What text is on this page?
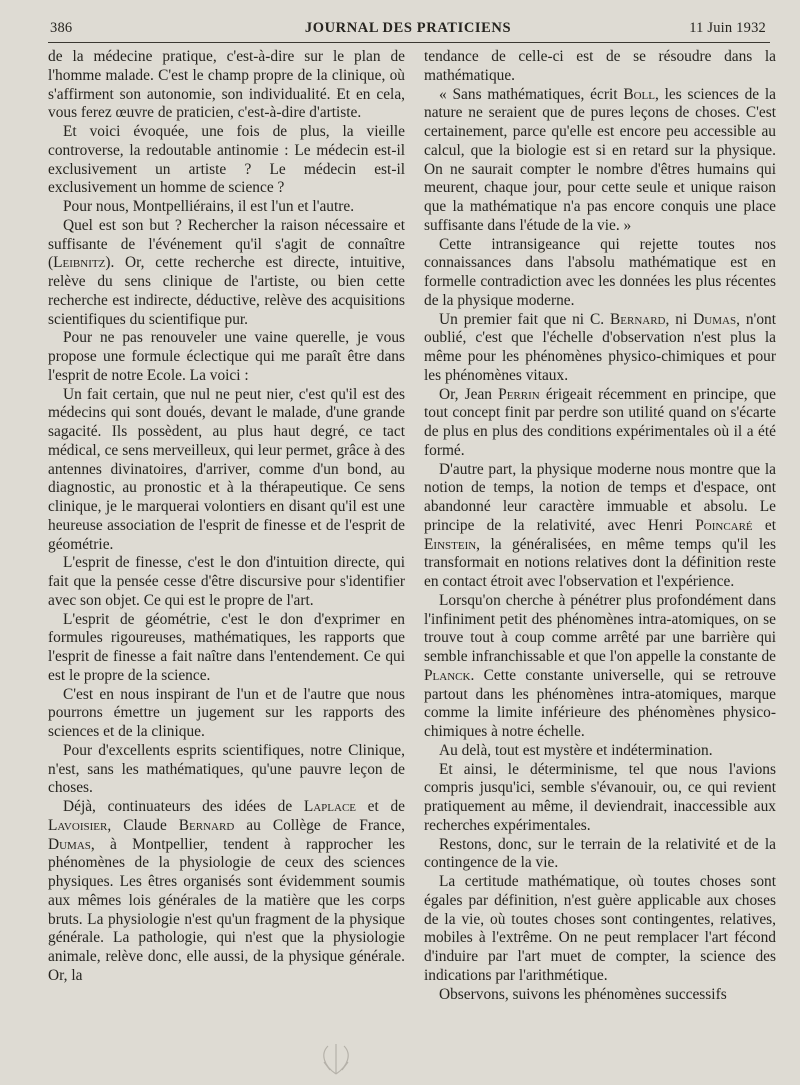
386	JOURNAL DES PRATICIENS	11 Juin 1932

de la médecine pratique, c'est-à-dire sur le plan de l'homme malade. C'est le champ propre de la clinique, où s'affirment son autonomie, son individualité. Et en cela, vous ferez œuvre de praticien, c'est-à-dire d'artiste.

Et voici évoquée, une fois de plus, la vieille controverse, la redoutable antinomie : Le médecin est-il exclusivement un artiste ? Le médecin est-il exclusivement un homme de science ?

Pour nous, Montpelliérains, il est l'un et l'autre.

Quel est son but ? Rechercher la raison nécessaire et suffisante de l'événement qu'il s'agit de connaître (Leibnitz). Or, cette recherche est directe, intuitive, relève du sens clinique de l'artiste, ou bien cette recherche est indirecte, déductive, relève des acquisitions scientifiques du scientifique pur.

Pour ne pas renouveler une vaine querelle, je vous propose une formule éclectique qui me paraît être dans l'esprit de notre Ecole. La voici :

Un fait certain, que nul ne peut nier, c'est qu'il est des médecins qui sont doués, devant le malade, d'une grande sagacité. Ils possèdent, au plus haut degré, ce tact médical, ce sens merveilleux, qui leur permet, grâce à des antennes divinatoires, d'arriver, comme d'un bond, au diagnostic, au pronostic et à la thérapeutique. Ce sens clinique, je le marquerai volontiers en disant qu'il est une heureuse association de l'esprit de finesse et de l'esprit de géométrie.

L'esprit de finesse, c'est le don d'intuition directe, qui fait que la pensée cesse d'être discursive pour s'identifier avec son objet. Ce qui est le propre de l'art.

L'esprit de géométrie, c'est le don d'exprimer en formules rigoureuses, mathématiques, les rapports que l'esprit de finesse a fait naître dans l'entendement. Ce qui est le propre de la science.

C'est en nous inspirant de l'un et de l'autre que nous pourrons émettre un jugement sur les rapports des sciences et de la clinique.

Pour d'excellents esprits scientifiques, notre Clinique, n'est, sans les mathématiques, qu'une pauvre leçon de choses.

Déjà, continuateurs des idées de Laplace et de Lavoisier, Claude Bernard au Collège de France, Dumas, à Montpellier, tendent à rapprocher les phénomènes de la physiologie de ceux des sciences physiques. Les êtres organisés sont évidemment soumis aux mêmes lois générales de la matière que les corps bruts. La physiologie n'est qu'un fragment de la physique générale. La pathologie, qui n'est que la physiologie animale, relève donc, elle aussi, de la physique générale. Or, la

tendance de celle-ci est de se résoudre dans la mathématique.

« Sans mathématiques, écrit Boll, les sciences de la nature ne seraient que de pures leçons de choses. C'est certainement, parce qu'elle est encore peu accessible au calcul, que la biologie est si en retard sur la physique. On ne saurait compter le nombre d'êtres humains qui meurent, chaque jour, pour cette seule et unique raison que la mathématique n'a pas encore conquis une place suffisante dans l'étude de la vie. »

Cette intransigeance qui rejette toutes nos connaissances dans l'absolu mathématique est en formelle contradiction avec les données les plus récentes de la physique moderne.

Un premier fait que ni C. Bernard, ni Dumas, n'ont oublié, c'est que l'échelle d'observation n'est plus la même pour les phénomènes physico-chimiques et pour les phénomènes vitaux.

Or, Jean Perrin érigeait récemment en principe, que tout concept finit par perdre son utilité quand on s'écarte de plus en plus des conditions expérimentales où il a été formé.

D'autre part, la physique moderne nous montre que la notion de temps, la notion de temps et d'espace, ont abandonné leur caractère immuable et absolu. Le principe de la relativité, avec Henri Poincaré et Einstein, la généralisées, en même temps qu'il les transformait en notions relatives dont la définition reste en contact étroit avec l'observation et l'expérience.

Lorsqu'on cherche à pénétrer plus profondément dans l'infiniment petit des phénomènes intra-atomiques, on se trouve tout à coup comme arrêté par une barrière qui semble infranchissable et que l'on appelle la constante de Planck. Cette constante universelle, qui se retrouve partout dans les phénomènes intra-atomiques, marque comme la limite inférieure des phénomènes physico-chimiques à notre échelle.

Au delà, tout est mystère et indétermination.

Et ainsi, le déterminisme, tel que nous l'avions compris jusqu'ici, semble s'évanouir, ou, ce qui revient pratiquement au même, il deviendrait, inaccessible aux recherches expérimentales.

Restons, donc, sur le terrain de la relativité et de la contingence de la vie.

La certitude mathématique, où toutes choses sont égales par définition, n'est guère applicable aux choses de la vie, où toutes choses sont contingentes, relatives, mobiles à l'extrême. On ne peut remplacer l'art fécond d'induire par l'art muet de compter, la science des indications par l'arithmétique.

Observons, suivons les phénomènes successifs
